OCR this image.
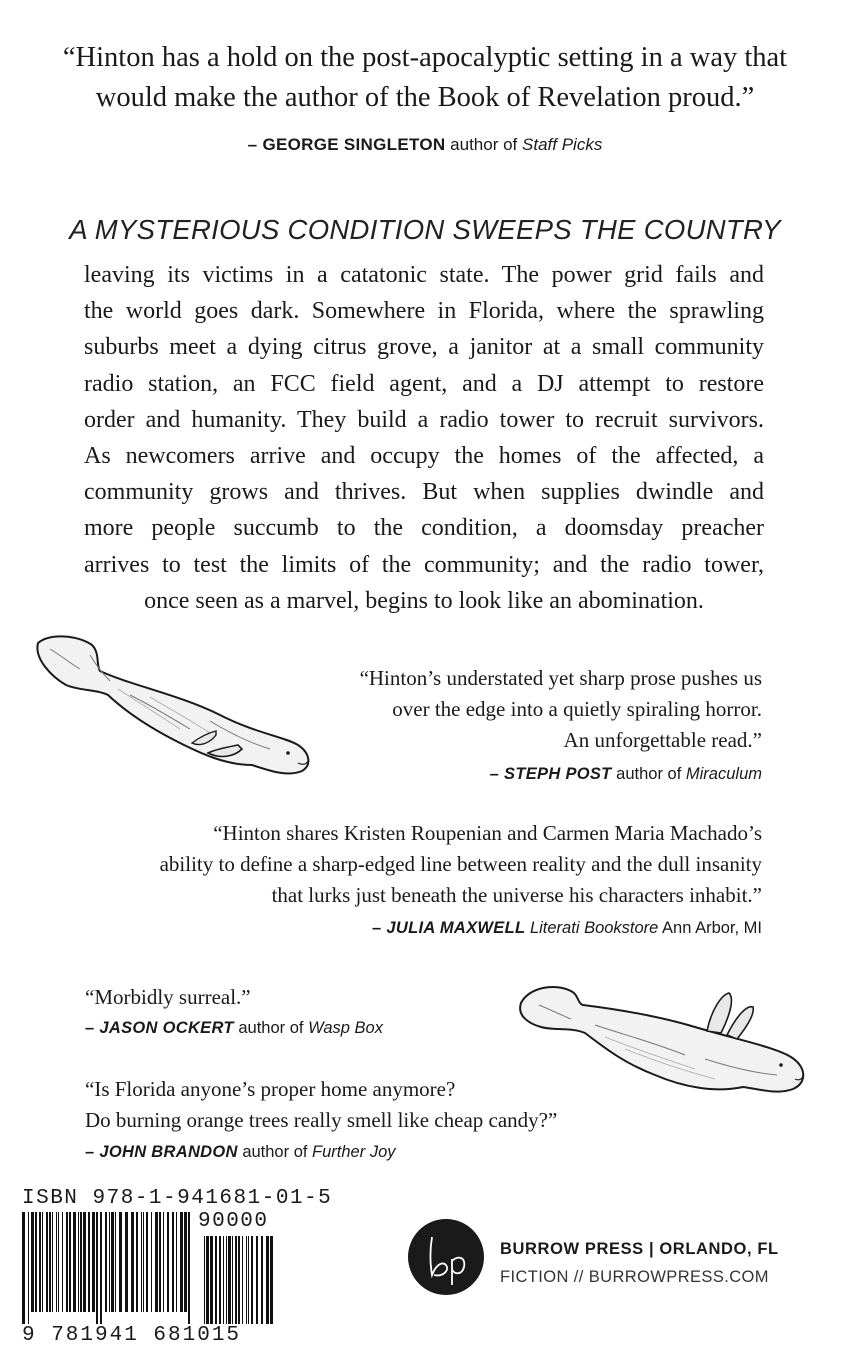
“Hinton has a hold on the post-apocalyptic setting in a way that
would make the author of the Book of Revelation proud.”
– GEORGE SINGLETON author of Staff Picks
A MYSTERIOUS CONDITION SWEEPS THE COUNTRY
leaving its victims in a catatonic state. The power grid fails and
the world goes dark. Somewhere in Florida, where the sprawling
suburbs meet a dying citrus grove, a janitor at a small community
radio station, an FCC field agent, and a DJ attempt to restore
order and humanity. They build a radio tower to recruit survivors.
As newcomers arrive and occupy the homes of the affected, a
community grows and thrives. But when supplies dwindle and
more people succumb to the condition, a doomsday preacher
arrives to test the limits of the community; and the radio tower,
once seen as a marvel, begins to look like an abomination.
“Hinton’s understated yet sharp prose pushes us
over the edge into a quietly spiraling horror.
An unforgettable read.”
– STEPH POST author of Miraculum
“Hinton shares Kristen Roupenian and Carmen Maria Machado’s
ability to define a sharp-edged line between reality and the dull insanity
that lurks just beneath the universe his characters inhabit.”
– JULIA MAXWELL Literati Bookstore Ann Arbor, MI
“Morbidly surreal.”
– JASON OCKERT author of Wasp Box
“Is Florida anyone’s proper home anymore?
Do burning orange trees really smell like cheap candy?”
– JOHN BRANDON author of Further Joy
ISBN 978-1-941681-01-5
90000
9 781941 681015
BURROW PRESS | ORLANDO, FL
FICTION // BURROWPRESS.COM
